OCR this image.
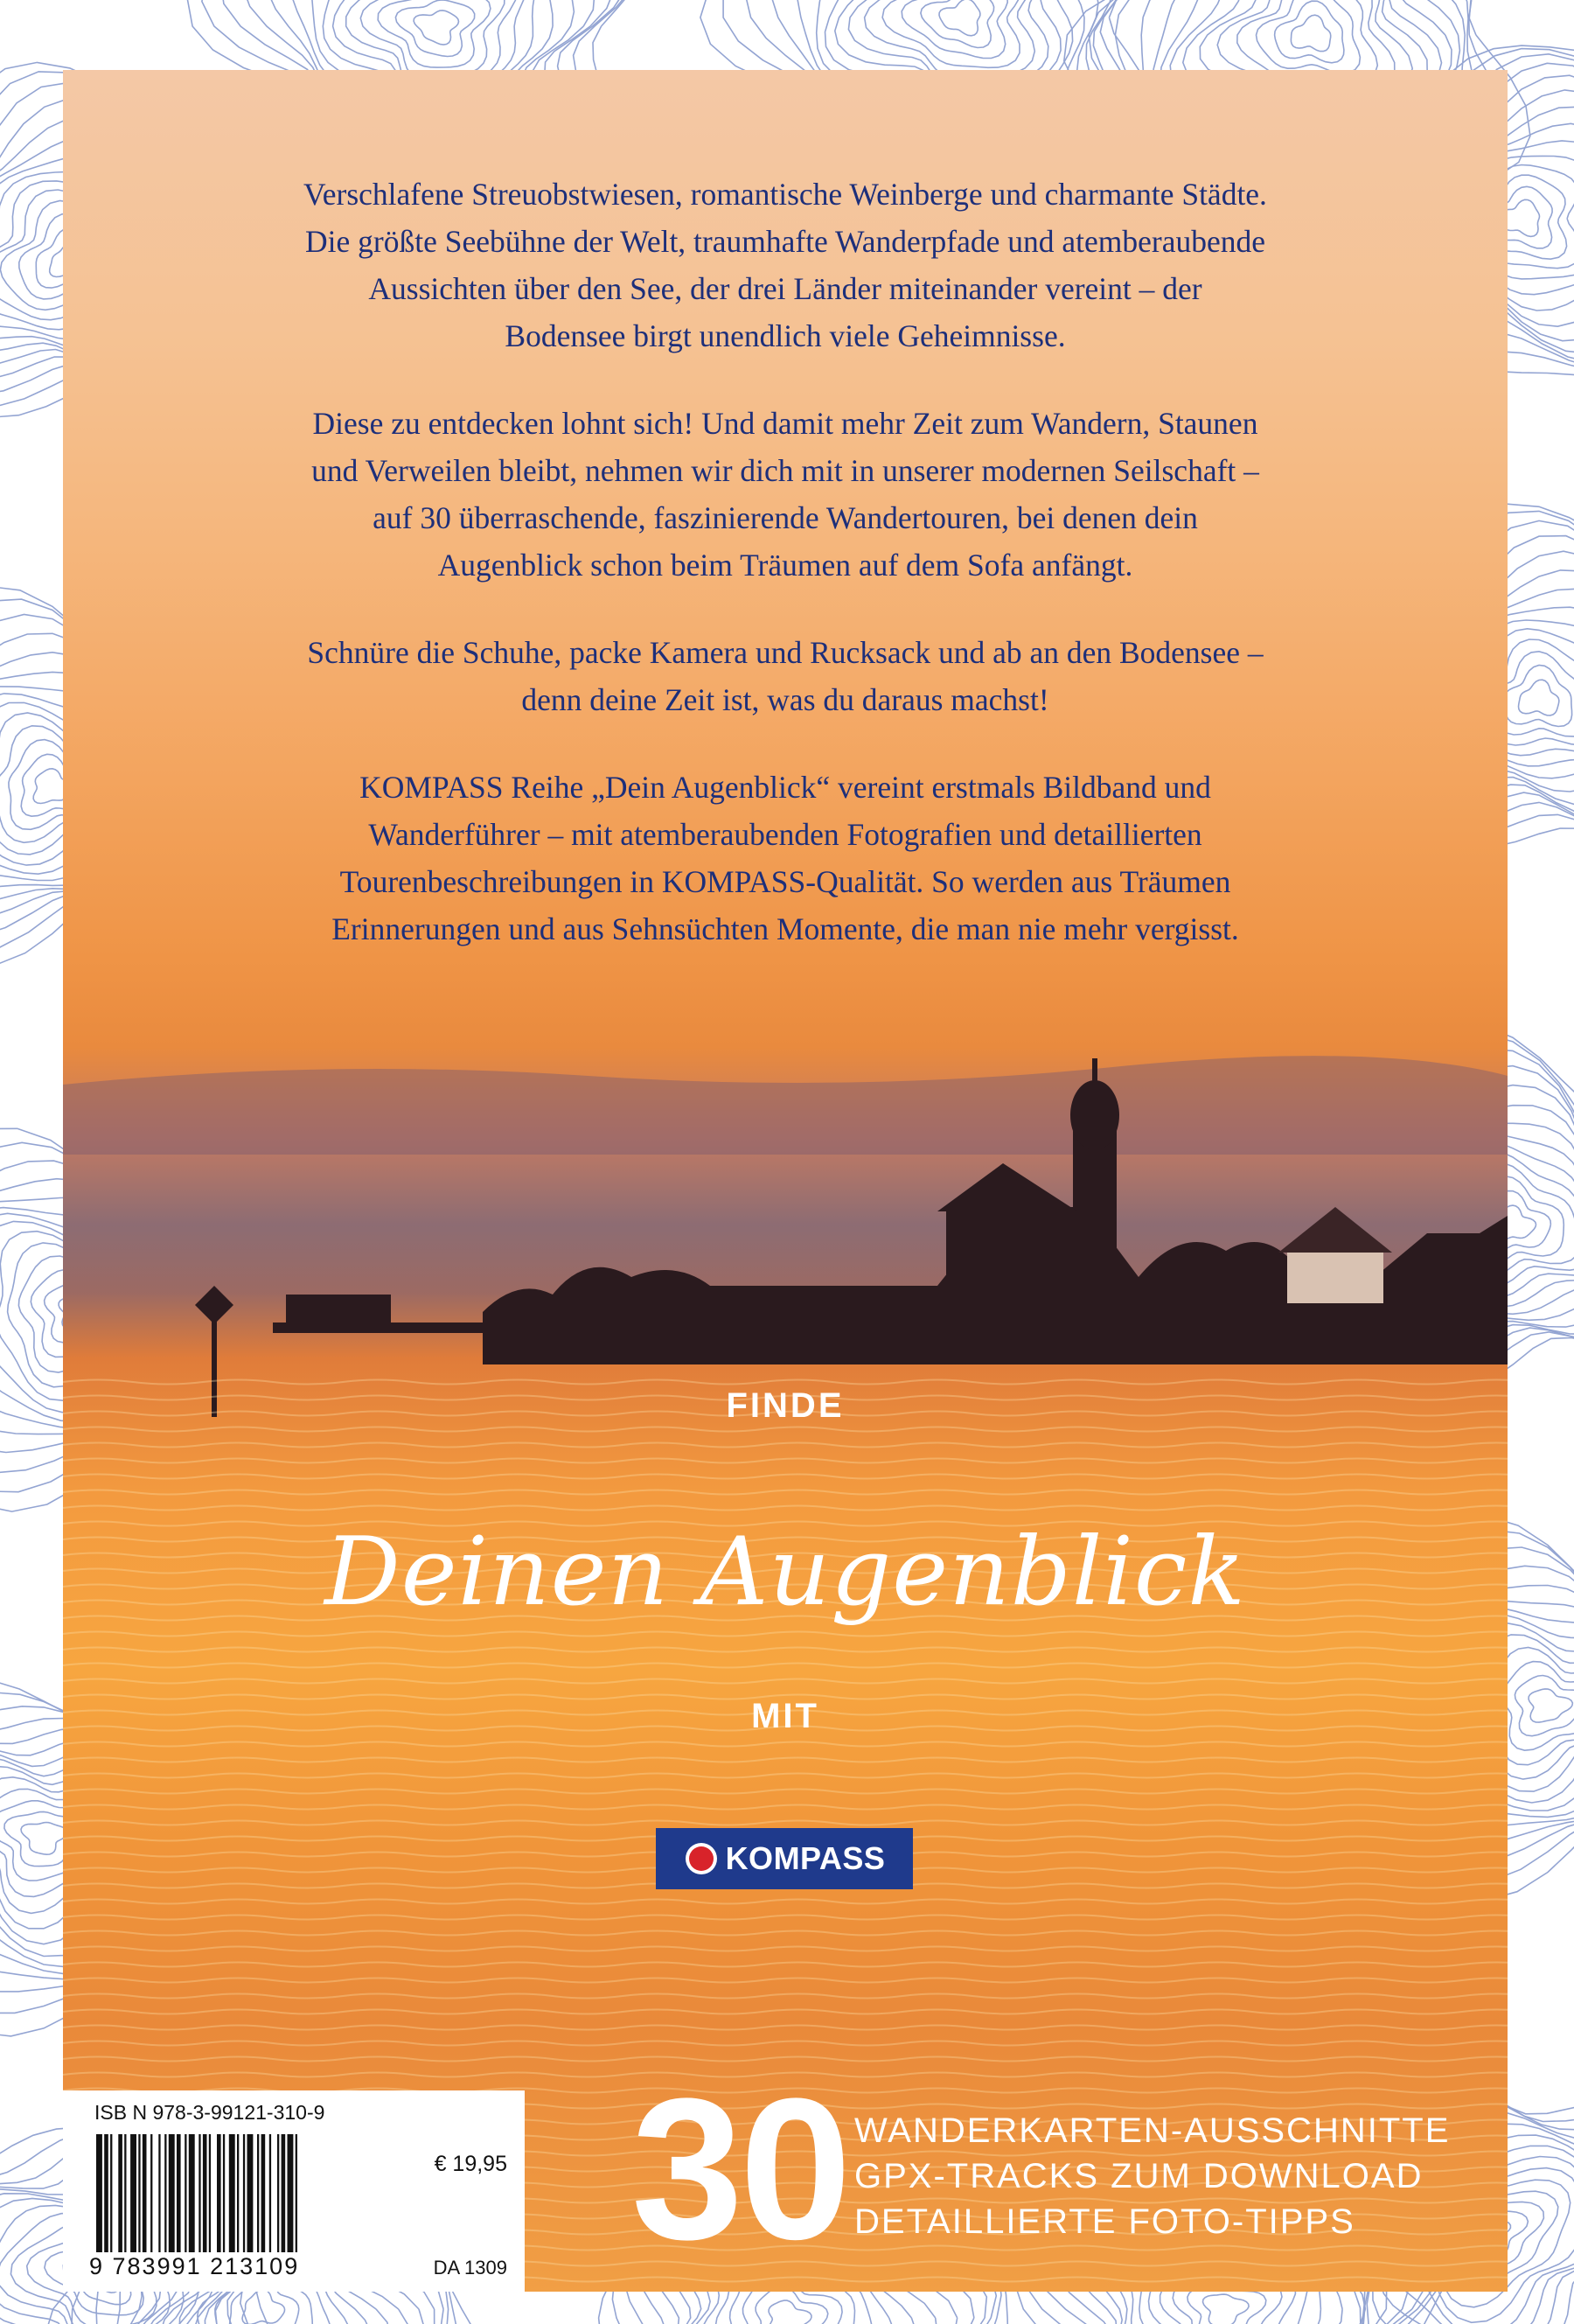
Verschlafene Streuobstwiesen, romantische Weinberge und charmante Städte.
Die größte Seebühne der Welt, traumhafte Wanderpfade und atemberaubende
Aussichten über den See, der drei Länder miteinander vereint – der
Bodensee birgt unendlich viele Geheimnisse.

Diese zu entdecken lohnt sich! Und damit mehr Zeit zum Wandern, Staunen
und Verweilen bleibt, nehmen wir dich mit in unserer modernen Seilschaft –
auf 30 überraschende, faszinierende Wandertouren, bei denen dein
Augenblick schon beim Träumen auf dem Sofa anfängt.

Schnüre die Schuhe, packe Kamera und Rucksack und ab an den Bodensee –
denn deine Zeit ist, was du daraus machst!

KOMPASS Reihe „Dein Augenblick“ vereint erstmals Bildband und
Wanderführer – mit atemberaubenden Fotografien und detaillierten
Tourenbeschreibungen in KOMPASS-Qualität. So werden aus Träumen
Erinnerungen und aus Sehnsüchten Momente, die man nie mehr vergisst.

FINDE
Deinen Augenblick
MIT
KOMPASS
ISB N 978-3-99121-310-9
€ 19,95
9 783991 213109	DA 1309 30 WANDERKARTEN-AUSSCHNITTE
GPX-TRACKS ZUM DOWNLOAD
DETAILLIERTE FOTO-TIPPS
